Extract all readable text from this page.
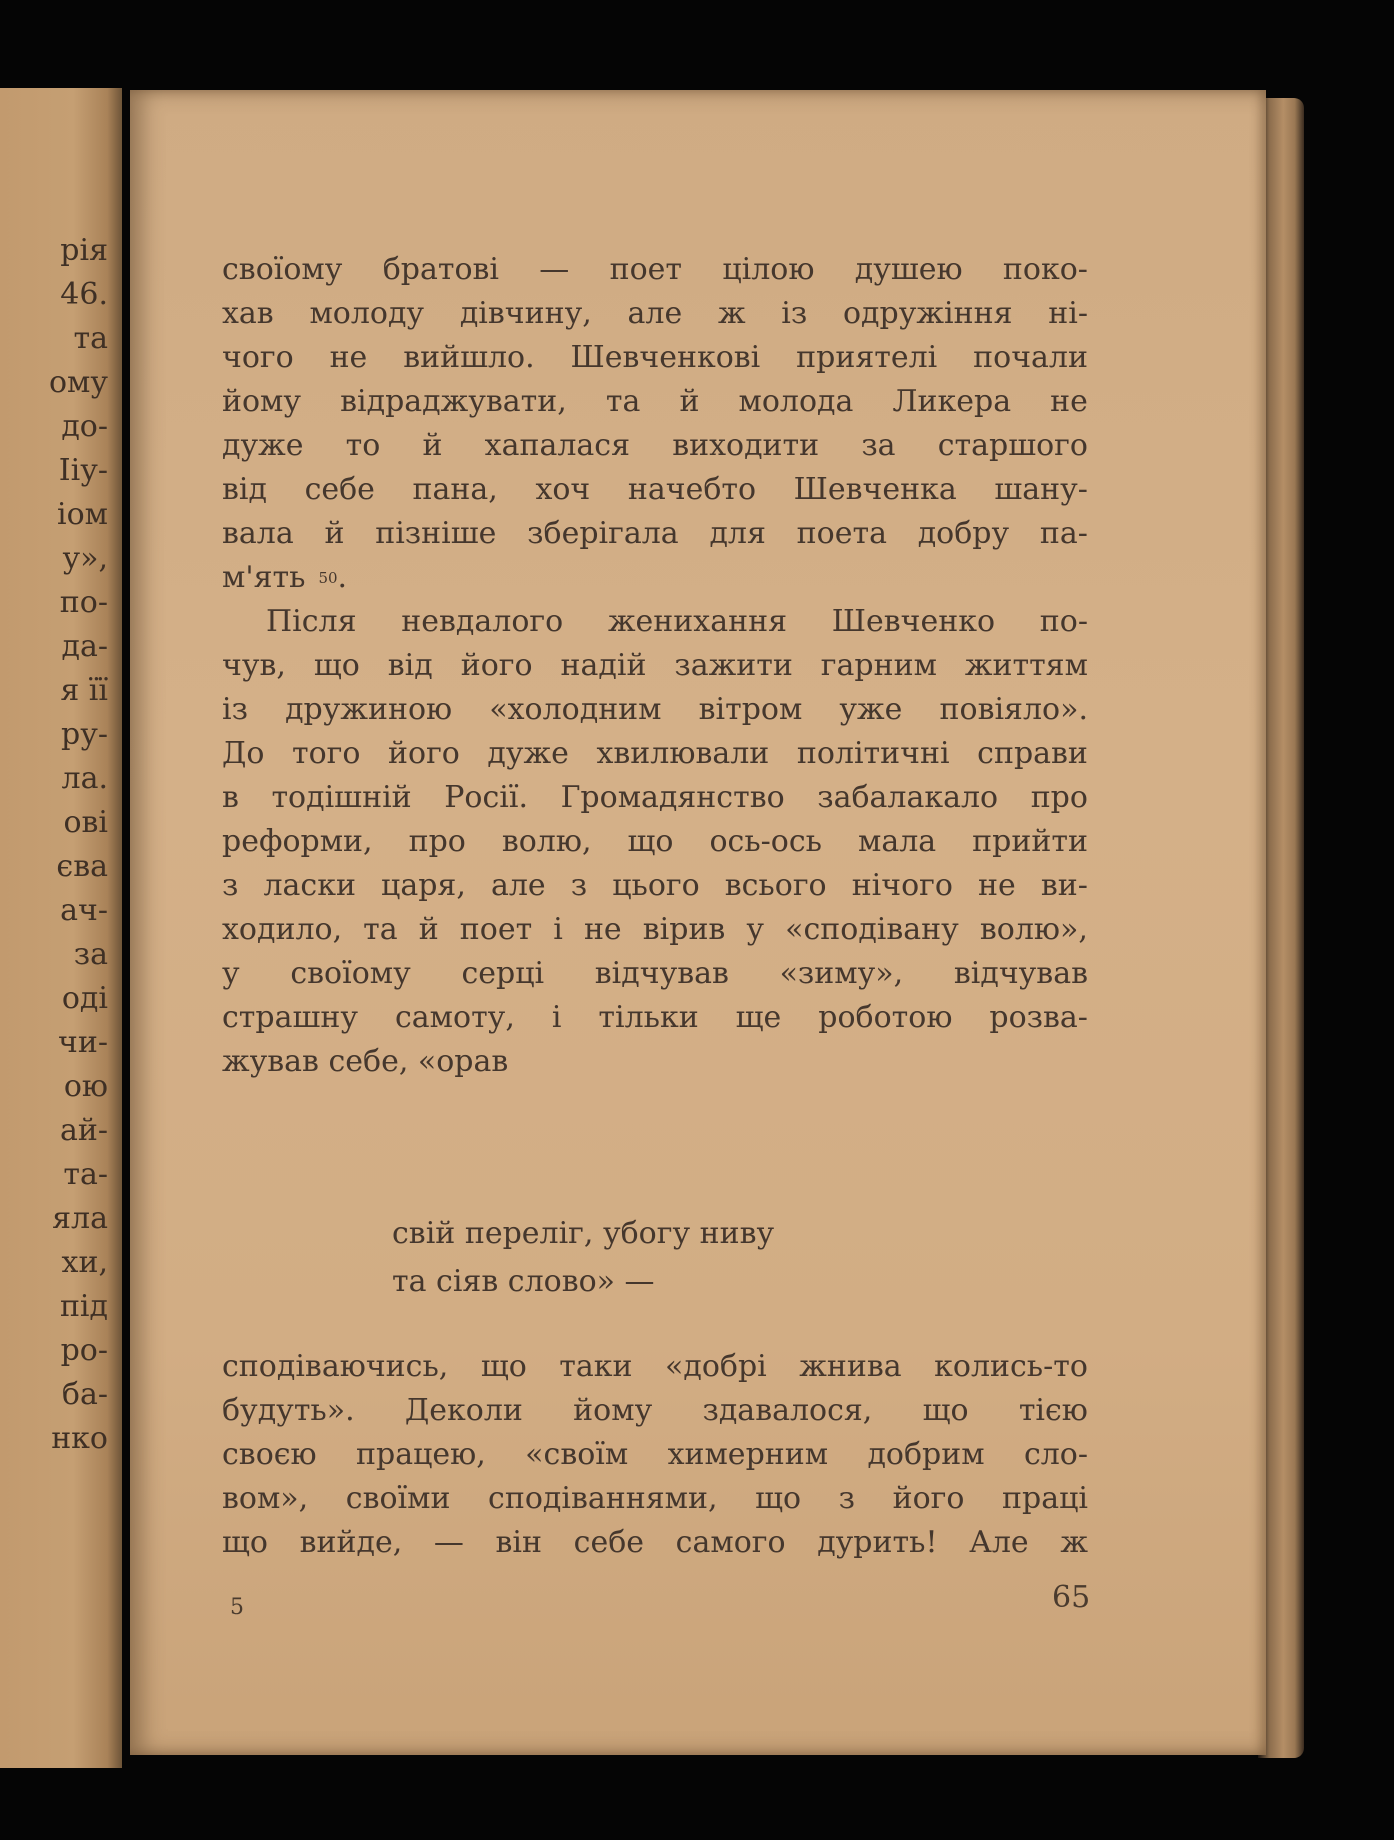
рія
46.
та
ому
до-
Ііу-
іом
у»,
по-
да-
я її
ру-
ла.
ові
єва
ач-
за
оді
чи-
ою
ай-
та-
яла
хи,
під
ро-
ба-
нко
своїому братові — поет цілою душею поко-
хав молоду дівчину, але ж із одружіння ні-
чого не вийшло. Шевченкові приятелі почали
йому відраджувати, та й молода Ликера не
дуже то й хапалася виходити за старшого
від себе пана, хоч начебто Шевченка шану-
вала й пізніше зберігала для поета добру па-
м'ять 50 .
Після невдалого женихання Шевченко по-
чув, що від його надій зажити гарним життям
із дружиною «холодним вітром уже повіяло».
До того його дуже хвилювали політичні справи
в тодішній Росії. Громадянство забалакало про
реформи, про волю, що ось-ось мала прийти
з ласки царя, але з цього всього нічого не ви-
ходило, та й поет і не вірив у «сподівану волю»,
у своїому серці відчував «зиму», відчував
страшну самоту, і тільки ще роботою розва-
жував себе, «орав
свій переліг, убогу ниву
та сіяв слово» —
сподіваючись, що таки «добрі жнива колись-то
будуть». Деколи йому здавалося, що тією
своєю працею, «своїм химерним добрим сло-
вом», своїми сподіваннями, що з його праці
що вийде, — він себе самого дурить! Але ж
5	65
